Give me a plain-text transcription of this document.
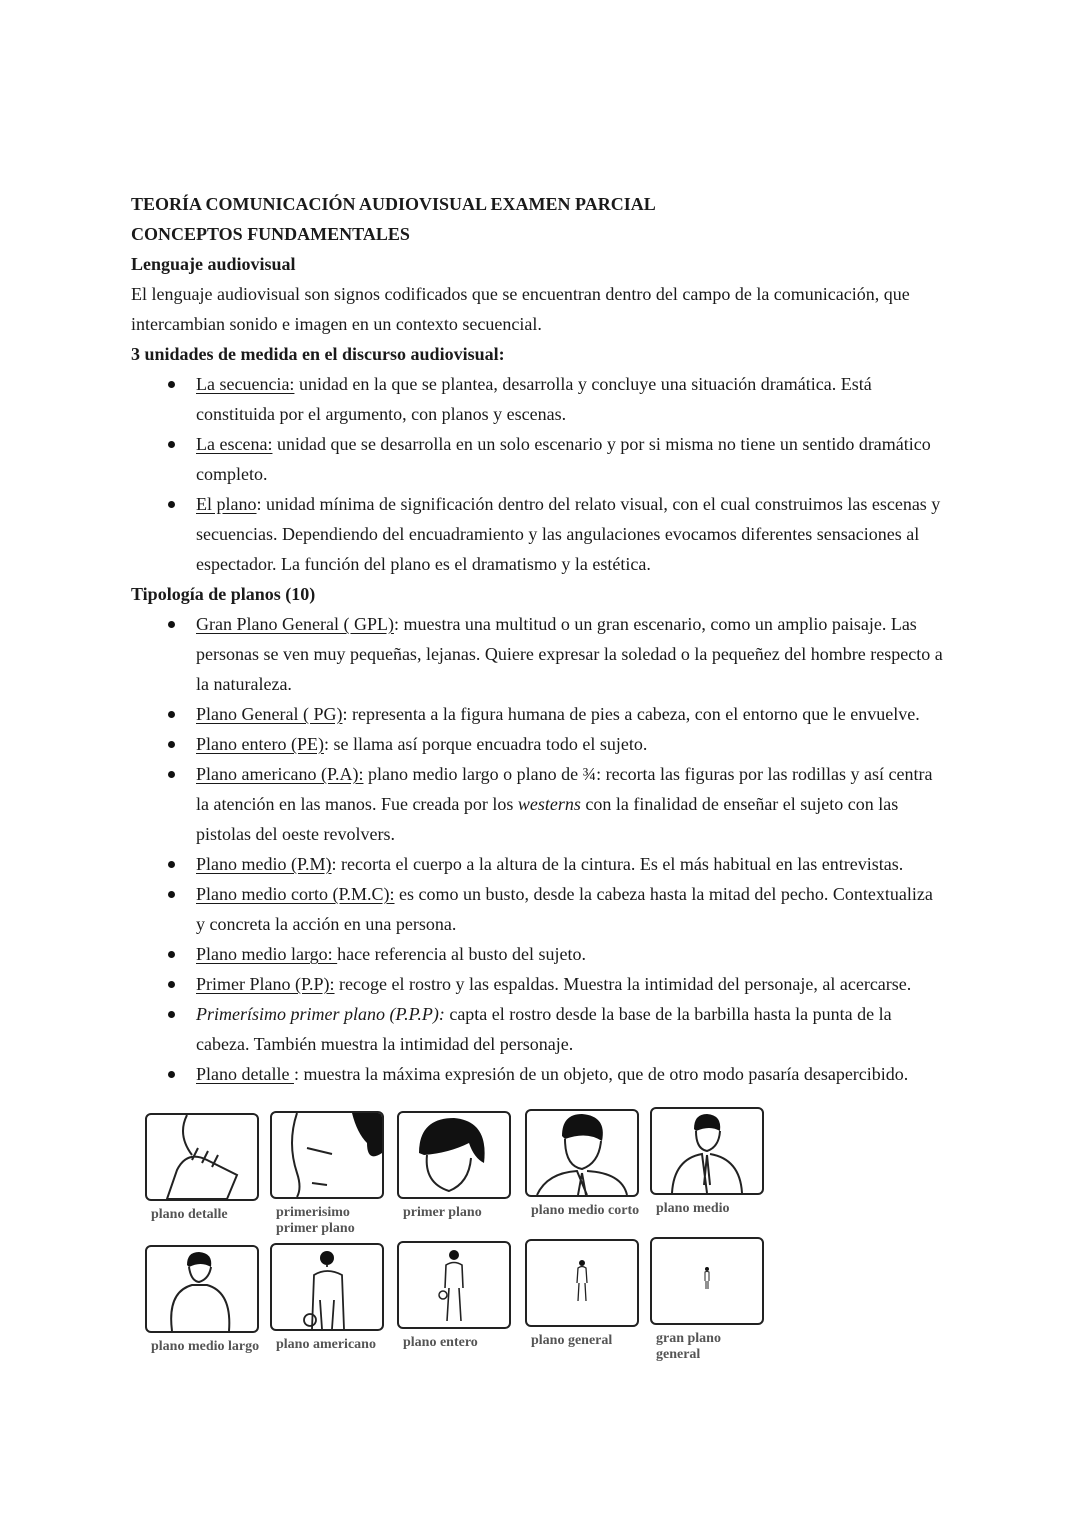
TEORÍA COMUNICACIÓN AUDIOVISUAL EXAMEN PARCIAL

CONCEPTOS FUNDAMENTALES

Lenguaje audiovisual

El lenguaje audiovisual son signos codificados que se encuentran dentro del campo de la comunicación, que intercambian sonido e imagen en un contexto secuencial.

3 unidades de medida en el discurso audiovisual:

La secuencia: unidad en la que se plantea, desarrolla y concluye una situación dramática. Está constituida por el argumento, con planos y escenas.
La escena: unidad que se desarrolla en un solo escenario y por si misma no tiene un sentido dramático completo.
El plano: unidad mínima de significación dentro del relato visual, con el cual construimos las escenas y secuencias. Dependiendo del encuadramiento y las angulaciones evocamos diferentes sensaciones al espectador. La función del plano es el dramatismo y la estética.

Tipología de planos (10)

Gran Plano General ( GPL): muestra una multitud o un gran escenario, como un amplio paisaje. Las personas se ven muy pequeñas, lejanas. Quiere expresar la soledad o la pequeñez del hombre respecto a la naturaleza.
Plano General ( PG): representa a la figura humana de pies a cabeza, con el entorno que le envuelve.
Plano entero (PE): se llama así porque encuadra todo el sujeto.
Plano americano (P.A): plano medio largo o plano de ¾: recorta las figuras por las rodillas y así centra la atención en las manos. Fue creada por los westerns con la finalidad de enseñar el sujeto con las pistolas del oeste revolvers.
Plano medio (P.M): recorta el cuerpo a la altura de la cintura. Es el más habitual en las entrevistas.
Plano medio corto (P.M.C): es como un busto, desde la cabeza hasta la mitad del pecho. Contextualiza y concreta la acción en una persona.
Plano medio largo: hace referencia al busto del sujeto.
Primer Plano (P.P): recoge el rostro y las espaldas. Muestra la intimidad del personaje, al acercarse.
Primerísimo primer plano (P.P.P): capta el rostro desde la base de la barbilla hasta la punta de la cabeza. También muestra la intimidad del personaje.
Plano detalle : muestra la máxima expresión de un objeto, que de otro modo pasaría desapercibido.
plano detalle	primerisimo primer plano
primer plano	plano medio corto	plano medio
plano medio largo	plano americano	plano entero	plano general	gran plano general
